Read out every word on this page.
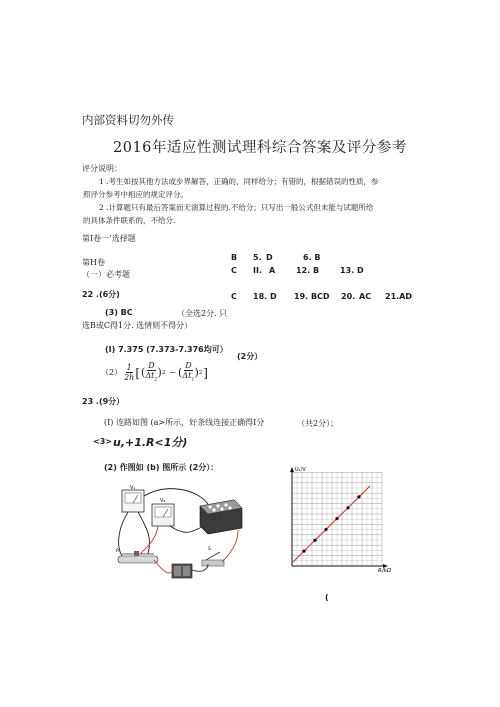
内部资料切勿外传
2016年适应性测试理科综合答案及评分参考
评分说明：
1 .考生如按其他方法或步界解答，正确的，同样给分；有错的，根据错误的性质，参
照评分参考中相应的规定评分。
2 .计算题只有最后答案而无演算过程的.不给分；只写出一般公式但未能与试题所给
的具体条件联系的，不给分.
第Ⅰ卷一’选择题
B 5. D	6. B
C II. A	12. B	13. D
C 18. D 19. BCD 20. AC 21.AD
第H卷
（一）必考题
22 .(6分)
(3) BC	（全选2分. 只
选B或C得1分. 选情则不得分）
(I) 7.375 (7.373-7.376均可）
(2分）
$(2) \frac{1}{2h}$ [ ( $\frac{D}{\Delta t_2}$ ) 2 − ( $\frac{D}{\Delta t_1}$ ) 2 ]
23 .(9分）
(I) 连路如图 (a>所示，好条线连接正确得I分	（共2分）；
<3> u,+1.R<1分)
(2) 作图如 (b) 图所示 (2分）：
V₁
V₂
R	S
U₁/V
R/kΩ
(
